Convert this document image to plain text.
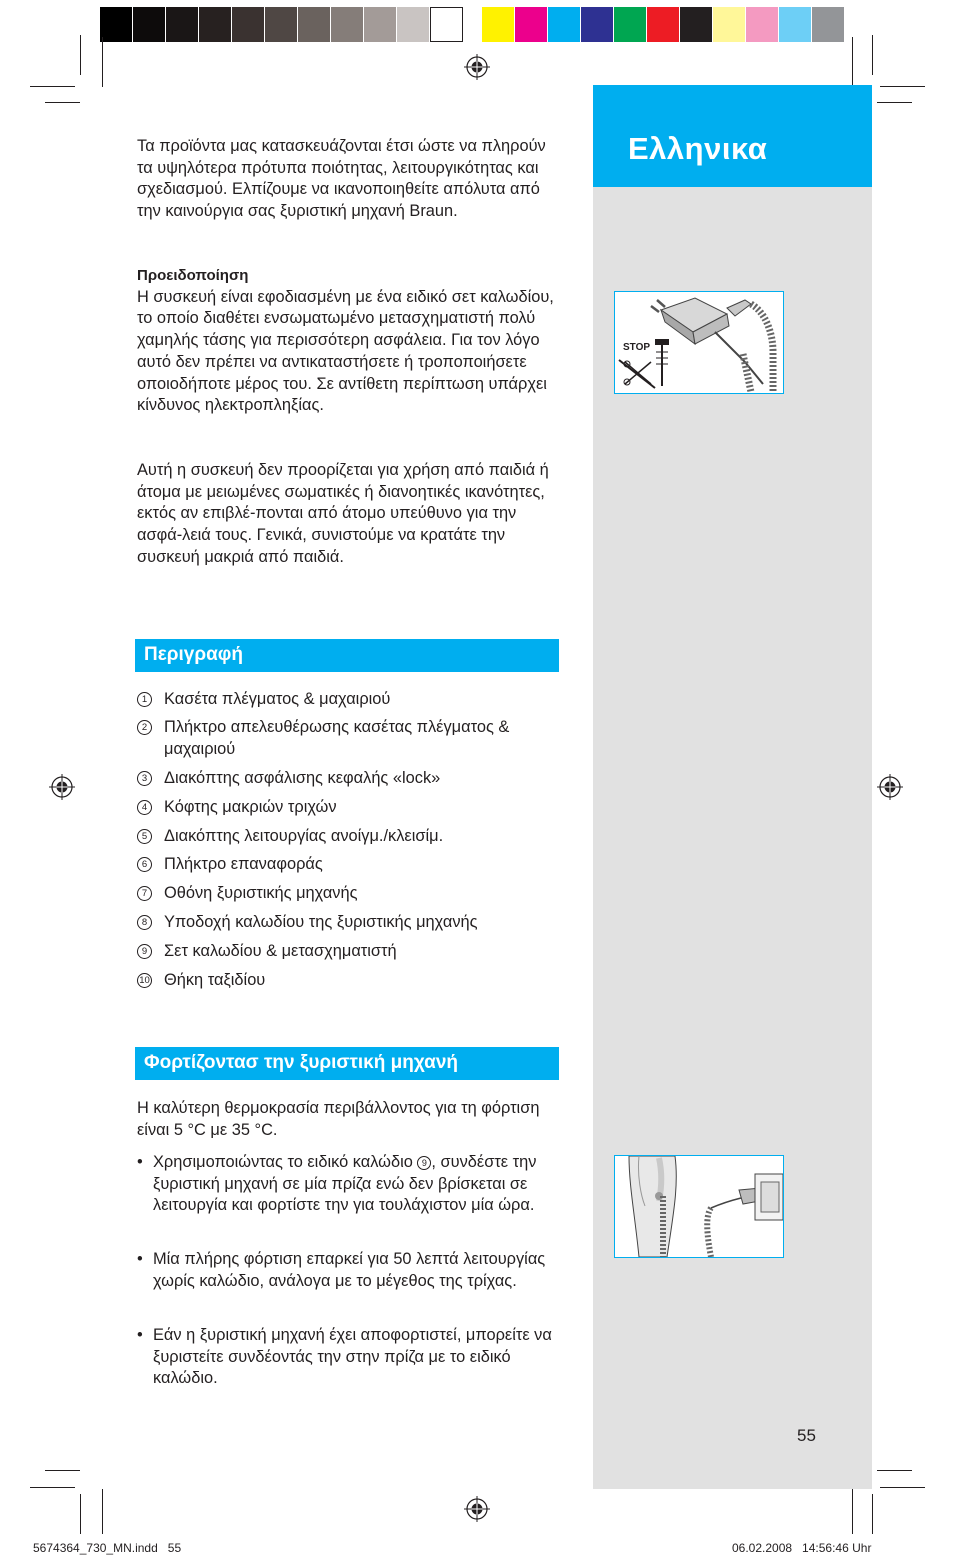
Ελληνικα
STOP
55

Τα προϊόντα μας κατασκευάζονται έτσι ώστε να πληρούν τα υψηλότερα πρότυπα ποιότητας, λειτουργικότητας και σχεδιασμού. Ελπίζουμε να ικανοποιηθείτε απόλυτα από την καινούργια σας ξυριστική μηχανή Braun.

Προειδοποίηση

Η συσκευή είναι εφοδιασμένη με ένα ειδικό σετ καλωδίου, το οποίο διαθέτει ενσωματωμένο μετασχηματιστή πολύ χαμηλής τάσης για περισσότερη ασφάλεια. Για τον λόγο αυτό δεν πρέπει να αντικαταστήσετε ή τροποποιήσετε οποιοδήποτε μέρος του. Σε αντίθετη περίπτωση υπάρχει κίνδυνος ηλεκτροπληξίας.

Αυτή η συσκευή δεν προορίζεται για χρήση από παιδιά ή άτομα με μειωμένες σωματικές ή διανοητικές ικανότητες, εκτός αν επιβλέ-πονται από άτομο υπεύθυνο για την ασφά-λειά τους. Γενικά, συνιστούμε να κρατάτε την συσκευή μακριά από παιδιά.

Περιγραφή
1 Κασέτα πλέγματος & μαχαιριού
2 Πλήκτρο απελευθέρωσης κασέτας πλέγματος & μαχαιριού
3 Διακόπτης ασφάλισης κεφαλής «lock»
4 Κόφτης μακριών τριχών
5 Διακόπτης λειτουργίας ανοίγμ./κλεισίμ.
6 Πλήκτρο επαναφοράς
7 Οθόνη ξυριστικής μηχανής
8 Υποδοχή καλωδίου της ξυριστικής μηχανής
9 Σετ καλωδίου & μετασχηματιστή
10 Θήκη ταξιδίου
Φορτίζοντασ την ξυριστική μηχανή

Η καλύτερη θερμοκρασία περιβάλλοντος για τη φόρτιση είναι 5 °C με 35 °C.

• Χρησιμοποιώντας το ειδικό καλώδιο 9 , συνδέστε την ξυριστική μηχανή σε μία πρίζα ενώ δεν βρίσκεται σε λειτουργία και φορτίστε την για τουλάχιστον μία ώρα.
• Μία πλήρης φόρτιση επαρκεί για 50 λεπτά λειτουργίας χωρίς καλώδιο, ανάλογα με το μέγεθος της τρίχας.
• Εάν η ξυριστική μηχανή έχει αποφορτιστεί, μπορείτε να ξυριστείτε συνδέοντάς την στην πρίζα με το ειδικό καλώδιο.
5674364_730_MN.indd   55	06.02.2008   14:56:46 Uhr
